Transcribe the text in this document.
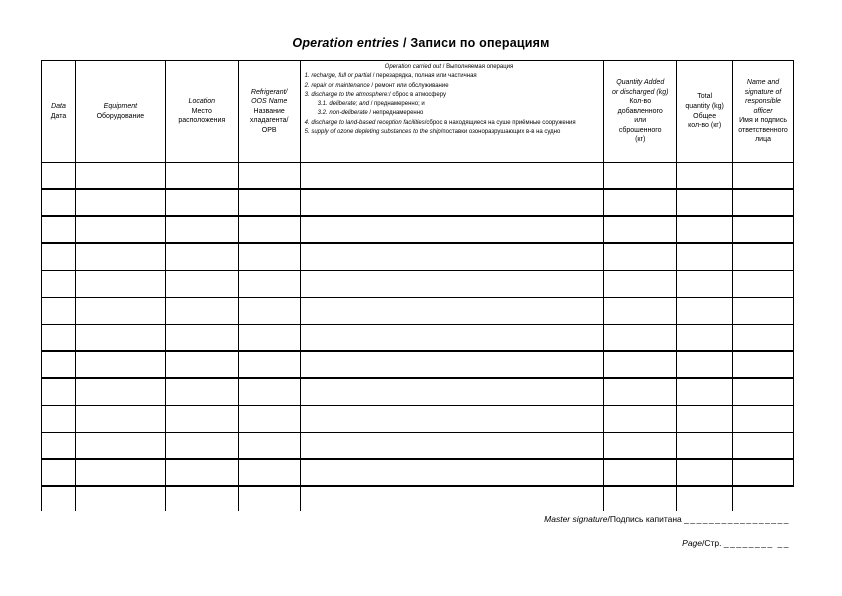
Operation entries / Записи по операциям
Data
Дата
Equipment
Оборудование
Location
Место
расположения
Refrigerant/
OOS Name
Название
хладагента/
ОРВ
Operation carried out / Выполняемая операция
1. recharge, full or partial / перезарядка, полная или частичная
2. repair or maintenance / ремонт или обслуживание
3. discharge to the atmosphere:/ сброс в атмосферу
3.1. deliberate; and / преднамеренно; и
3.2. non-deliberate / непреднамеренно
4. discharge to land-based reception facilities/сброс в находящиеся на суше приёмные сооружения
5. supply of ozone depleting substances to the ship/поставки озоноразрушающих в-в на судно
Quantity Added
or discharged (kg)
Кол-во
добавленного
или
сброшенного
(кг)
Total
quantity (kg)
Общее
кол-во (кг)
Name and
signature of
responsible
officer
Имя и подпись
ответственного
лица
Master signature/Подпись капитана _________________
Page/Стр. ________ __
